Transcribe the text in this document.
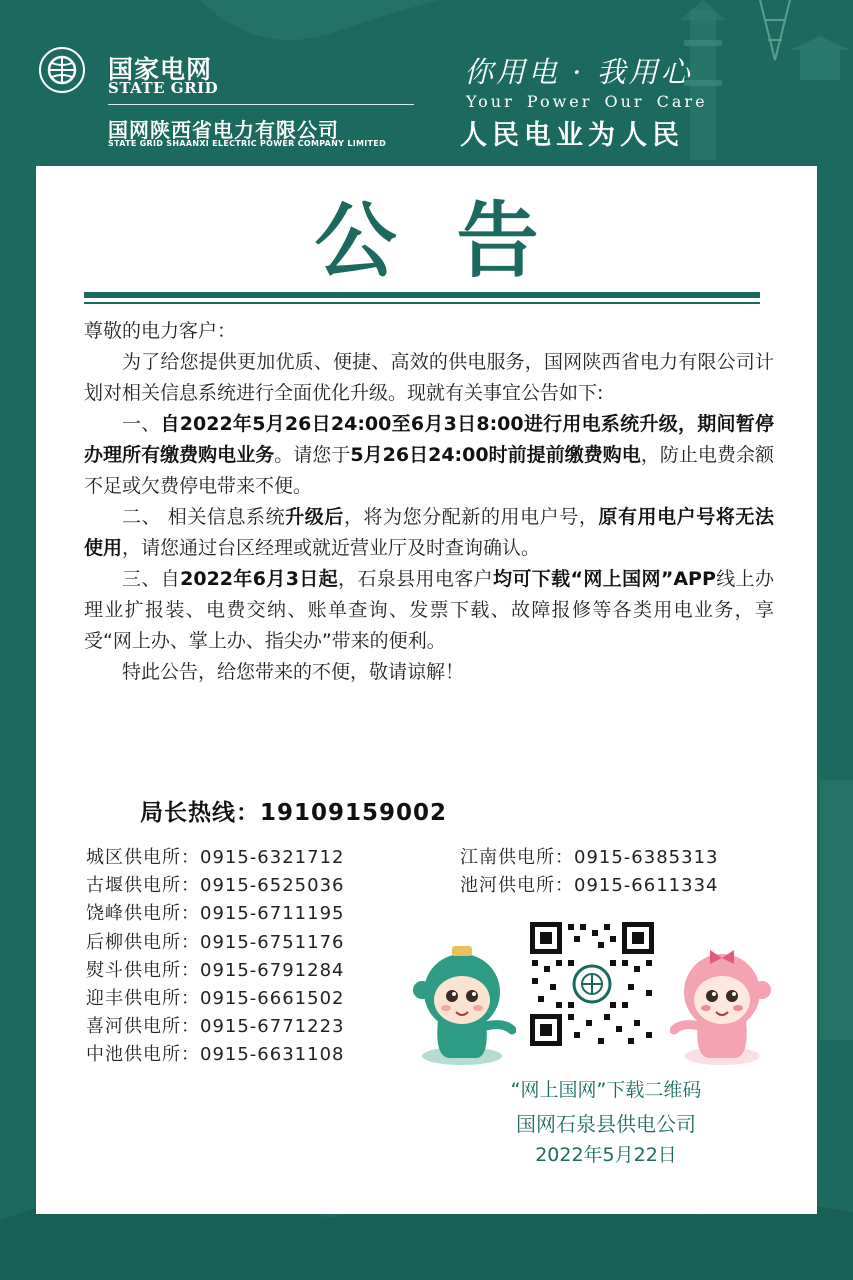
国家电网
STATE GRID
国网陕西省电力有限公司
STATE GRID SHAANXI ELECTRIC POWER COMPANY LIMITED
你用电 · 我用心
Your Power Our Care
人民电业为人民
公告

尊敬的电力客户：

为了给您提供更加优质、便捷、高效的供电服务，国网陕西省电力有限公司计划对相关信息系统进行全面优化升级。现就有关事宜公告如下:

一、自2022年5月26日24:00至6月3日8:00进行用电系统升级，期间暂停办理所有缴费购电业务。请您于5月26日24:00时前提前缴费购电，防止电费余额不足或欠费停电带来不便。

二、 相关信息系统升级后，将为您分配新的用电户号，原有用电户号将无法使用，请您通过台区经理或就近营业厅及时查询确认。

三、自2022年6月3日起，石泉县用电客户均可下载“网上国网”APP线上办理业扩报装、电费交纳、账单查询、发票下载、故障报修等各类用电业务，享受“网上办、掌上办、指尖办”带来的便利。

特此公告，给您带来的不便，敬请谅解！

局长热线：19109159002
城区供电所：0915-6321712
古堰供电所：0915-6525036
饶峰供电所：0915-6711195
后柳供电所：0915-6751176
熨斗供电所：0915-6791284
迎丰供电所：0915-6661502
喜河供电所：0915-6771223
中池供电所：0915-6631108
江南供电所：0915-6385313
池河供电所：0915-6611334
“网上国网”下载二维码
国网石泉县供电公司
2022年5月22日
